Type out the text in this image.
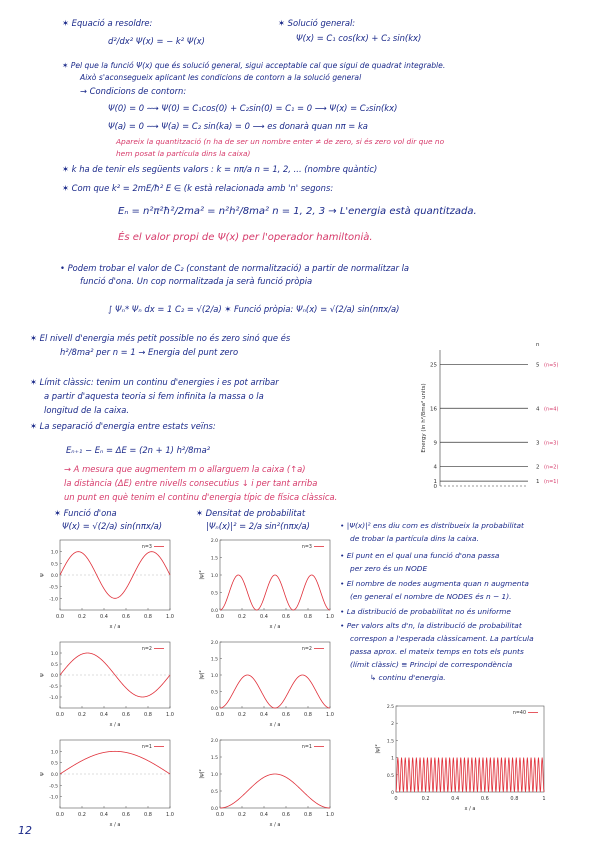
✶ Equació a resoldre:
d²/dx² Ψ(x) = − k² Ψ(x)
✶ Solució general:
Ψ(x) = C₁ cos(kx) + C₂ sin(kx)
✶ Pel que la funció Ψ(x) que és solució general, sigui acceptable cal que sigui de quadrat integrable.
Això s'aconsegueix aplicant les condicions de contorn a la solució general
→ Condicions de contorn:
Ψ(0) = 0 ⟿ Ψ(0) = C₁cos(0) + C₂sin(0) = C₁ = 0 ⟶ Ψ(x) = C₂sin(kx)
Ψ(a) = 0 ⟿ Ψ(a) = C₂ sin(ka) = 0 ⟶ es donarà quan nπ = ka
Apareix la quantització (n ha de ser un nombre enter ≠ de zero, si és zero vol dir que no
hem posat la partícula dins la caixa)
✶ k ha de tenir els següents valors : k = nπ/a n = 1, 2, ... (nombre quàntic)
✶ Com que k² = 2mE/ħ² E ∈ (k està relacionada amb 'n' segons:
Eₙ = n²π²ħ²/2ma² = n²h²/8ma² n = 1, 2, 3 → L'energia està quantitzada.
És el valor propi de Ψ(x) per l'operador hamiltonià.
• Podem trobar el valor de C₂ (constant de normalització) a partir de normalitzar la
funció d'ona. Un cop normalitzada ja serà funció pròpia
∫ Ψₙ* Ψₙ dx = 1 C₂ = √(2/a) ✶ Funció pròpia: Ψₙ(x) = √(2/a) sin(nπx/a)
✶ El nivell d'energia més petit possible no és zero sinó que és
h²/8ma² per n = 1 → Energia del punt zero
✶ Límit clàssic: tenim un continu d'energies i es pot arribar
a partir d'aquesta teoria si fem infinita la massa o la
longitud de la caixa.
✶ La separació d'energia entre estats veïns:
Eₙ₊₁ − Eₙ = ΔE = (2n + 1) h²/8ma²
→ A mesura que augmentem m o allarguem la caixa (↑a)
la distància (ΔE) entre nivells consecutius ↓ i per tant arriba
un punt en què tenim el continu d'energia típic de física clàssica.
✶ Funció d'ona
Ψ(x) = √(2/a) sin(nπx/a)
✶ Densitat de probabilitat
|Ψₙ(x)|² = 2/a sin²(nπx/a)	• |Ψ(x)|² ens diu com es distribueix la probabilitat
de trobar la partícula dins la caixa.
• El punt en el qual una funció d'ona passa
per zero és un NODE
• El nombre de nodes augmenta quan n augmenta
(en general el nombre de NODES és n − 1).
• La distribució de probabilitat no és uniforme
• Per valors alts d'n, la distribució de probabilitat
correspon a l'esperada clàssicament. La partícula
passa aprox. el mateix temps en tots els punts
(límit clàssic) ≡ Principi de correspondència
↳ continu d'energia.
0
1
4
9
16
25
1 (n=1)
2 (n=2)
3 (n=3)
4 (n=4)
5 (n=5)
n
Energy (in h²/8ma² units)
0.0	0.2	0.4	0.6	0.8	1.0
-1.0
-0.5
0.0
0.5
1.0
n=3
x / a
ψ
0.0	0.2	0.4	0.6	0.8	1.0
0.0
0.5
1.0
1.5
2.0
n=3
x / a
|ψ|²
0.0	0.2	0.4	0.6	0.8	1.0
-1.0
-0.5
0.0
0.5
1.0
n=2
x / a
ψ
0.0	0.2	0.4	0.6	0.8	1.0
0.0
0.5
1.0
1.5
2.0
n=2
x / a
|ψ|²
0.0	0.2	0.4	0.6	0.8	1.0
-1.0
-0.5
0.0
0.5
1.0
n=1
x / a
ψ
0.0	0.2	0.4	0.6	0.8	1.0
0.0
0.5
1.0
1.5
2.0
n=1
x / a
|ψ|²
0	0.2	0.4	0.6	0.8	1
0
0.5
1
1.5
2
2.5
n=40
x / a
|ψ|²
12
